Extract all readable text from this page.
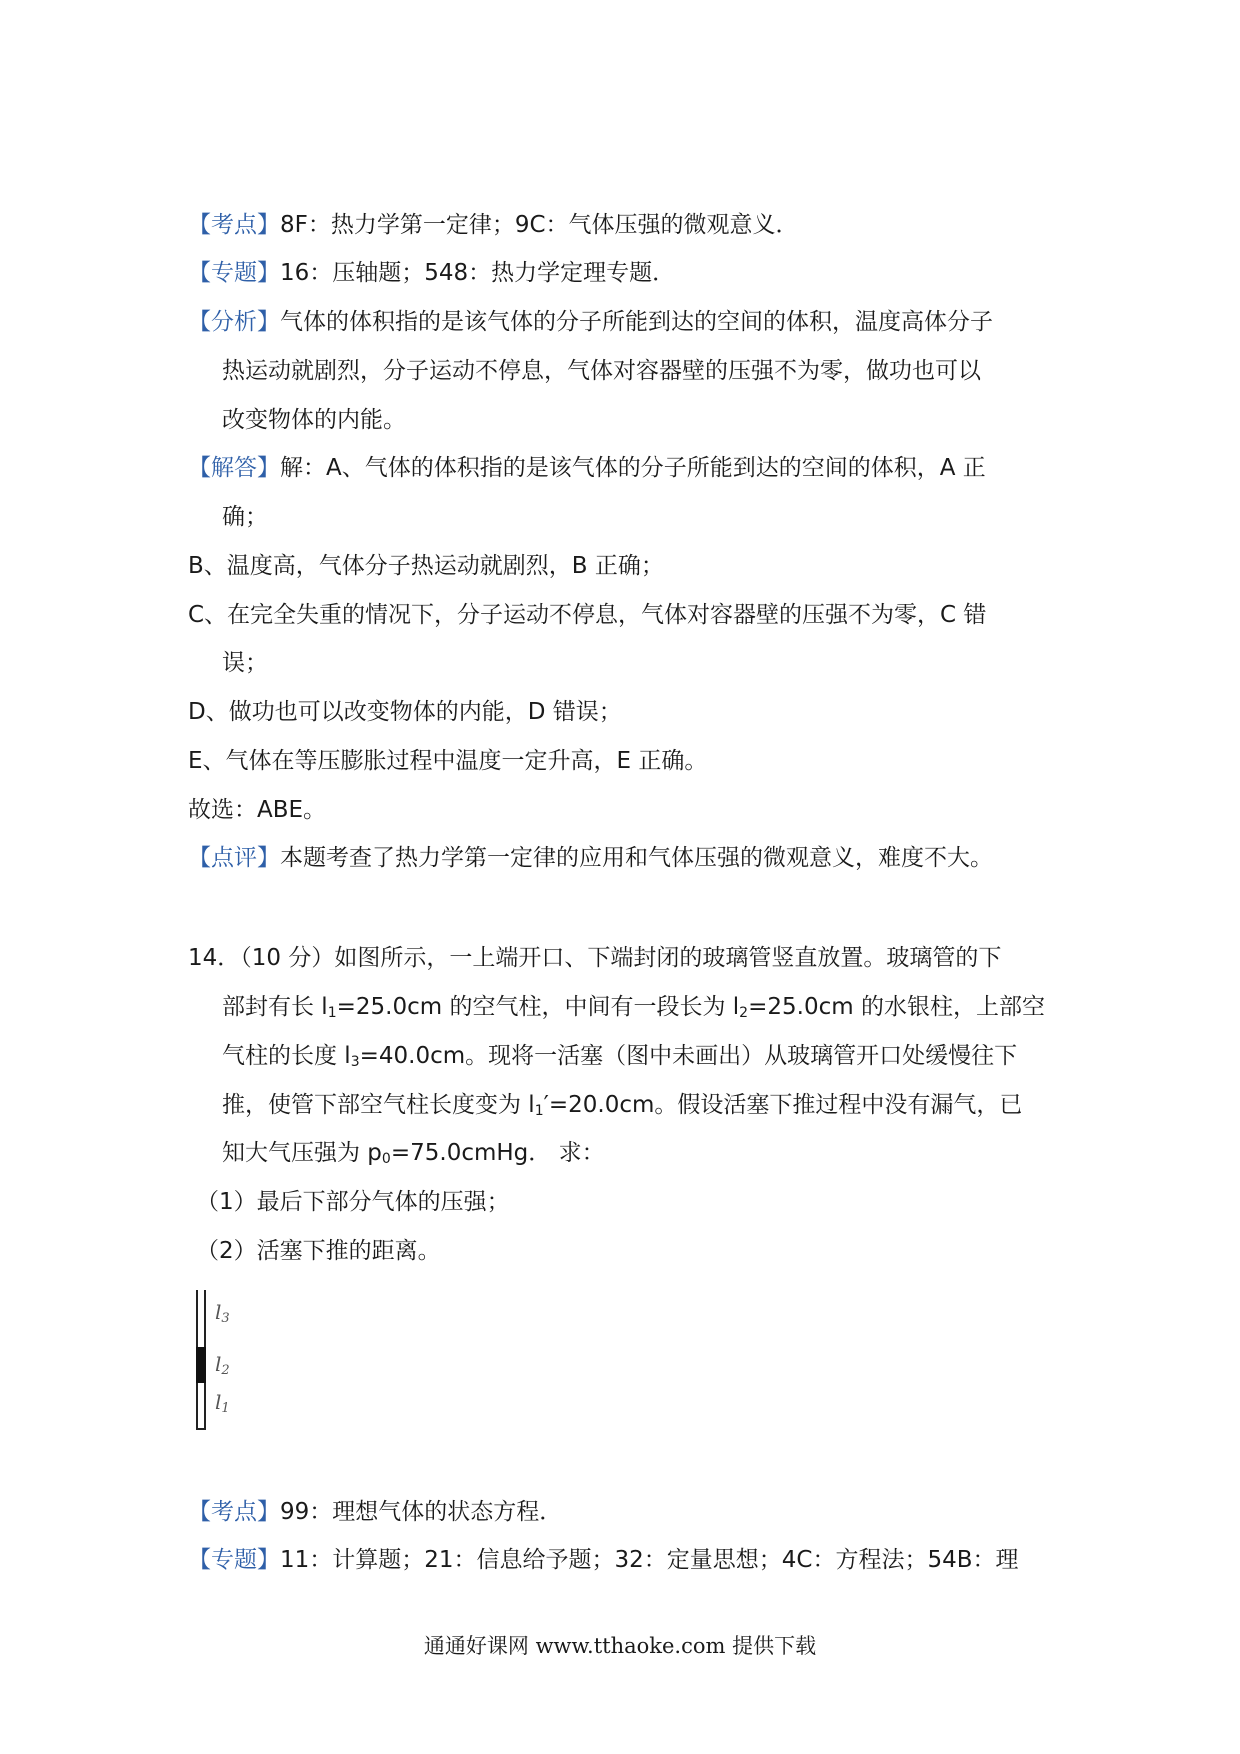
【考点】8F：热力学第一定律；9C：气体压强的微观意义．
【专题】16：压轴题；548：热力学定理专题．
【分析】气体的体积指的是该气体的分子所能到达的空间的体积，温度高体分子
热运动就剧烈，分子运动不停息，气体对容器壁的压强不为零，做功也可以
改变物体的内能。
【解答】解：A、气体的体积指的是该气体的分子所能到达的空间的体积，A 正
确；
B、温度高，气体分子热运动就剧烈，B 正确；
C、在完全失重的情况下，分子运动不停息，气体对容器壁的压强不为零，C 错
误；
D、做功也可以改变物体的内能，D 错误；
E、气体在等压膨胀过程中温度一定升高，E 正确。
故选：ABE。
【点评】本题考查了热力学第一定律的应用和气体压强的微观意义，难度不大。
14．（10 分）如图所示，一上端开口、下端封闭的玻璃管竖直放置。玻璃管的下
部封有长 $l_1=25.0cm$ 的空气柱，中间有一段长为 $l_2=25.0cm$ 的水银柱，上部空
气柱的长度 $l_3=40.0cm$。现将一活塞（图中未画出）从玻璃管开口处缓慢往下
推，使管下部空气柱长度变为 $l_1'=20.0cm$。假设活塞下推过程中没有漏气，已
知大气压强为 $p_0=75.0cmHg$． 求：
（1）最后下部分气体的压强；
（2）活塞下推的距离。
$l_3$
$l_2$
$l_1$
【考点】99：理想气体的状态方程．
【专题】11：计算题；21：信息给予题；32：定量思想；4C：方程法；54B：理
通通好课网 www.tthaoke.com 提供下载
